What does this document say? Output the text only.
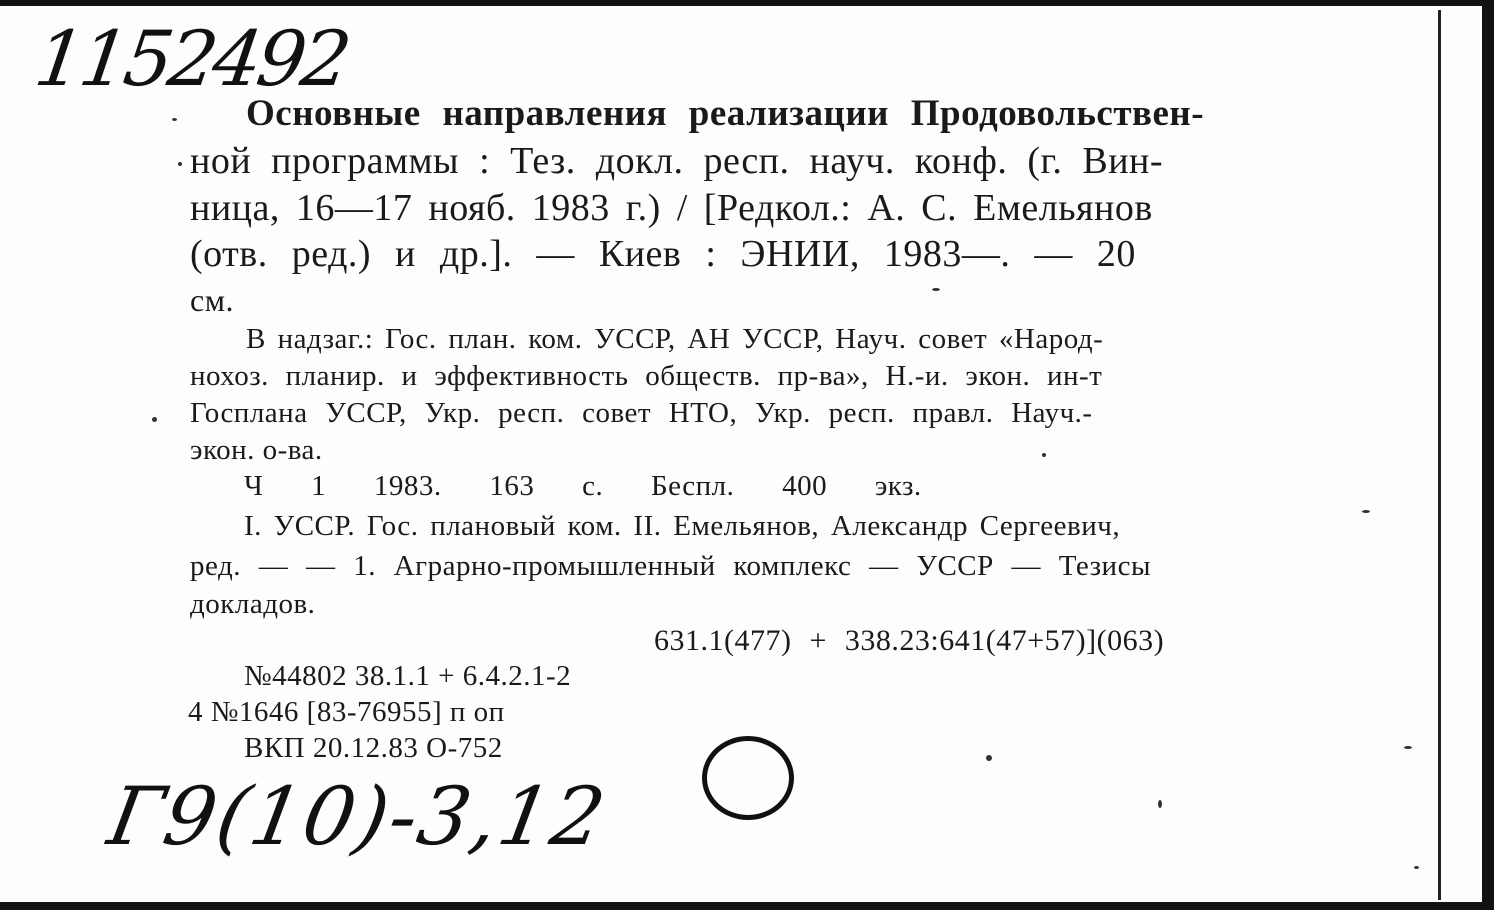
1152492
Основные направления реализации Продовольствен-
ной программы : Тез. докл. респ. науч. конф. (г. Вин-
ница, 16—17 нояб. 1983 г.) / [Редкол.: А. С. Емельянов
(отв. ред.) и др.]. — Киев : ЭНИИ, 1983—. — 20
см.
В надзаг.: Гос. план. ком. УССР, АН УССР, Науч. совет «Народ-
нохоз. планир. и эффективность обществ. пр-ва», Н.-и. экон. ин-т
Госплана УССР, Укр. респ. совет НТО, Укр. респ. правл. Науч.-
экон. о-ва.
Ч 1 1983. 163 с. Беспл. 400 экз.
I. УССР. Гос. плановый ком. II. Емельянов, Александр Сергеевич,
ред. — — 1. Аграрно-промышленный комплекс — УССР — Тезисы
докладов.
631.1(477) + 338.23:641(47+57)](063)
№44802 38.1.1 + 6.4.2.1-2
4 №1646 [83-76955] п оп
ВКП 20.12.83 О-752
Г9(10)-3,12
